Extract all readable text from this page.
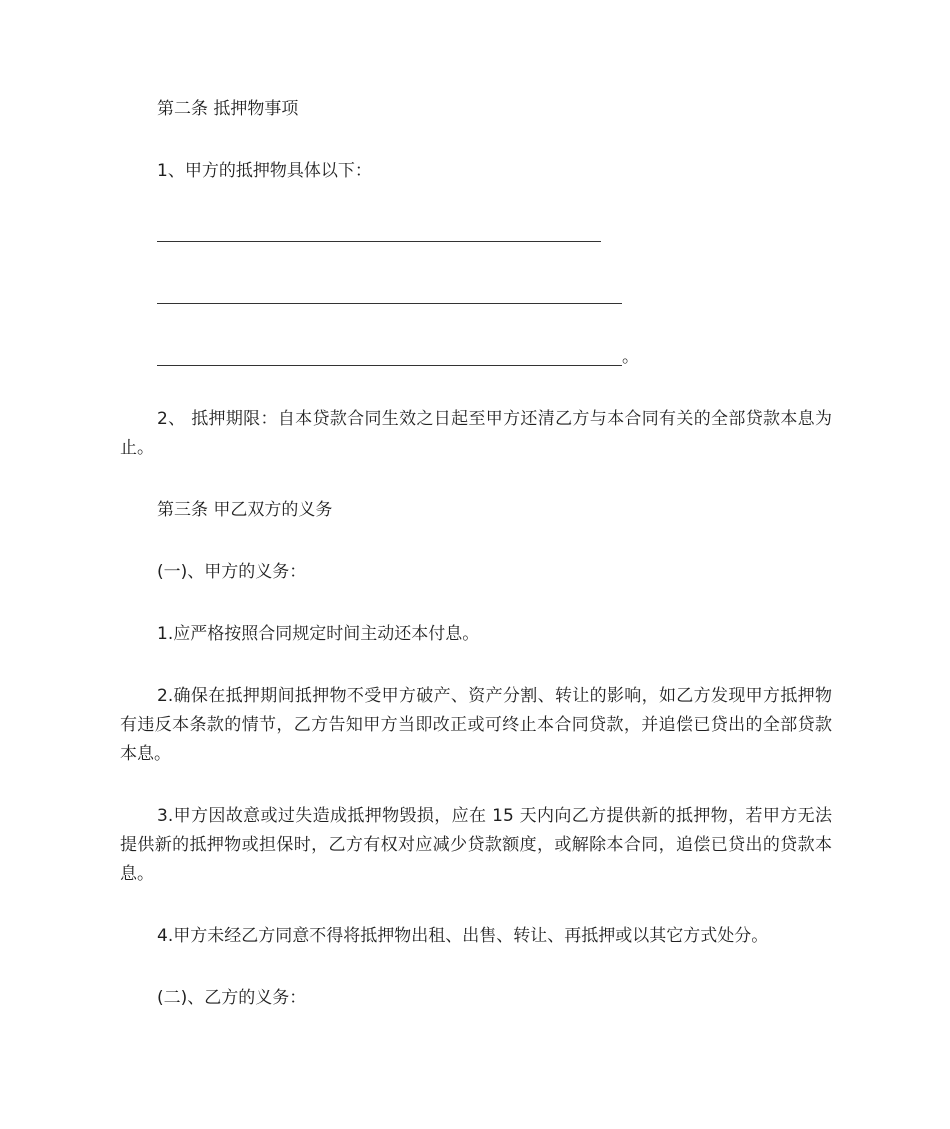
第二条 抵押物事项
1、甲方的抵押物具体以下：
。
2、 抵押期限：自本贷款合同生效之日起至甲方还清乙方与本合同有关的全部贷款本息为止。
第三条 甲乙双方的义务
(一)、甲方的义务：
1.应严格按照合同规定时间主动还本付息。
2.确保在抵押期间抵押物不受甲方破产、资产分割、转让的影响，如乙方发现甲方抵押物有违反本条款的情节，乙方告知甲方当即改正或可终止本合同贷款，并追偿已贷出的全部贷款本息。
3.甲方因故意或过失造成抵押物毁损，应在 15 天内向乙方提供新的抵押物，若甲方无法提供新的抵押物或担保时，乙方有权对应减少贷款额度，或解除本合同，追偿已贷出的贷款本息。
4.甲方未经乙方同意不得将抵押物出租、出售、转让、再抵押或以其它方式处分。
(二)、乙方的义务：
